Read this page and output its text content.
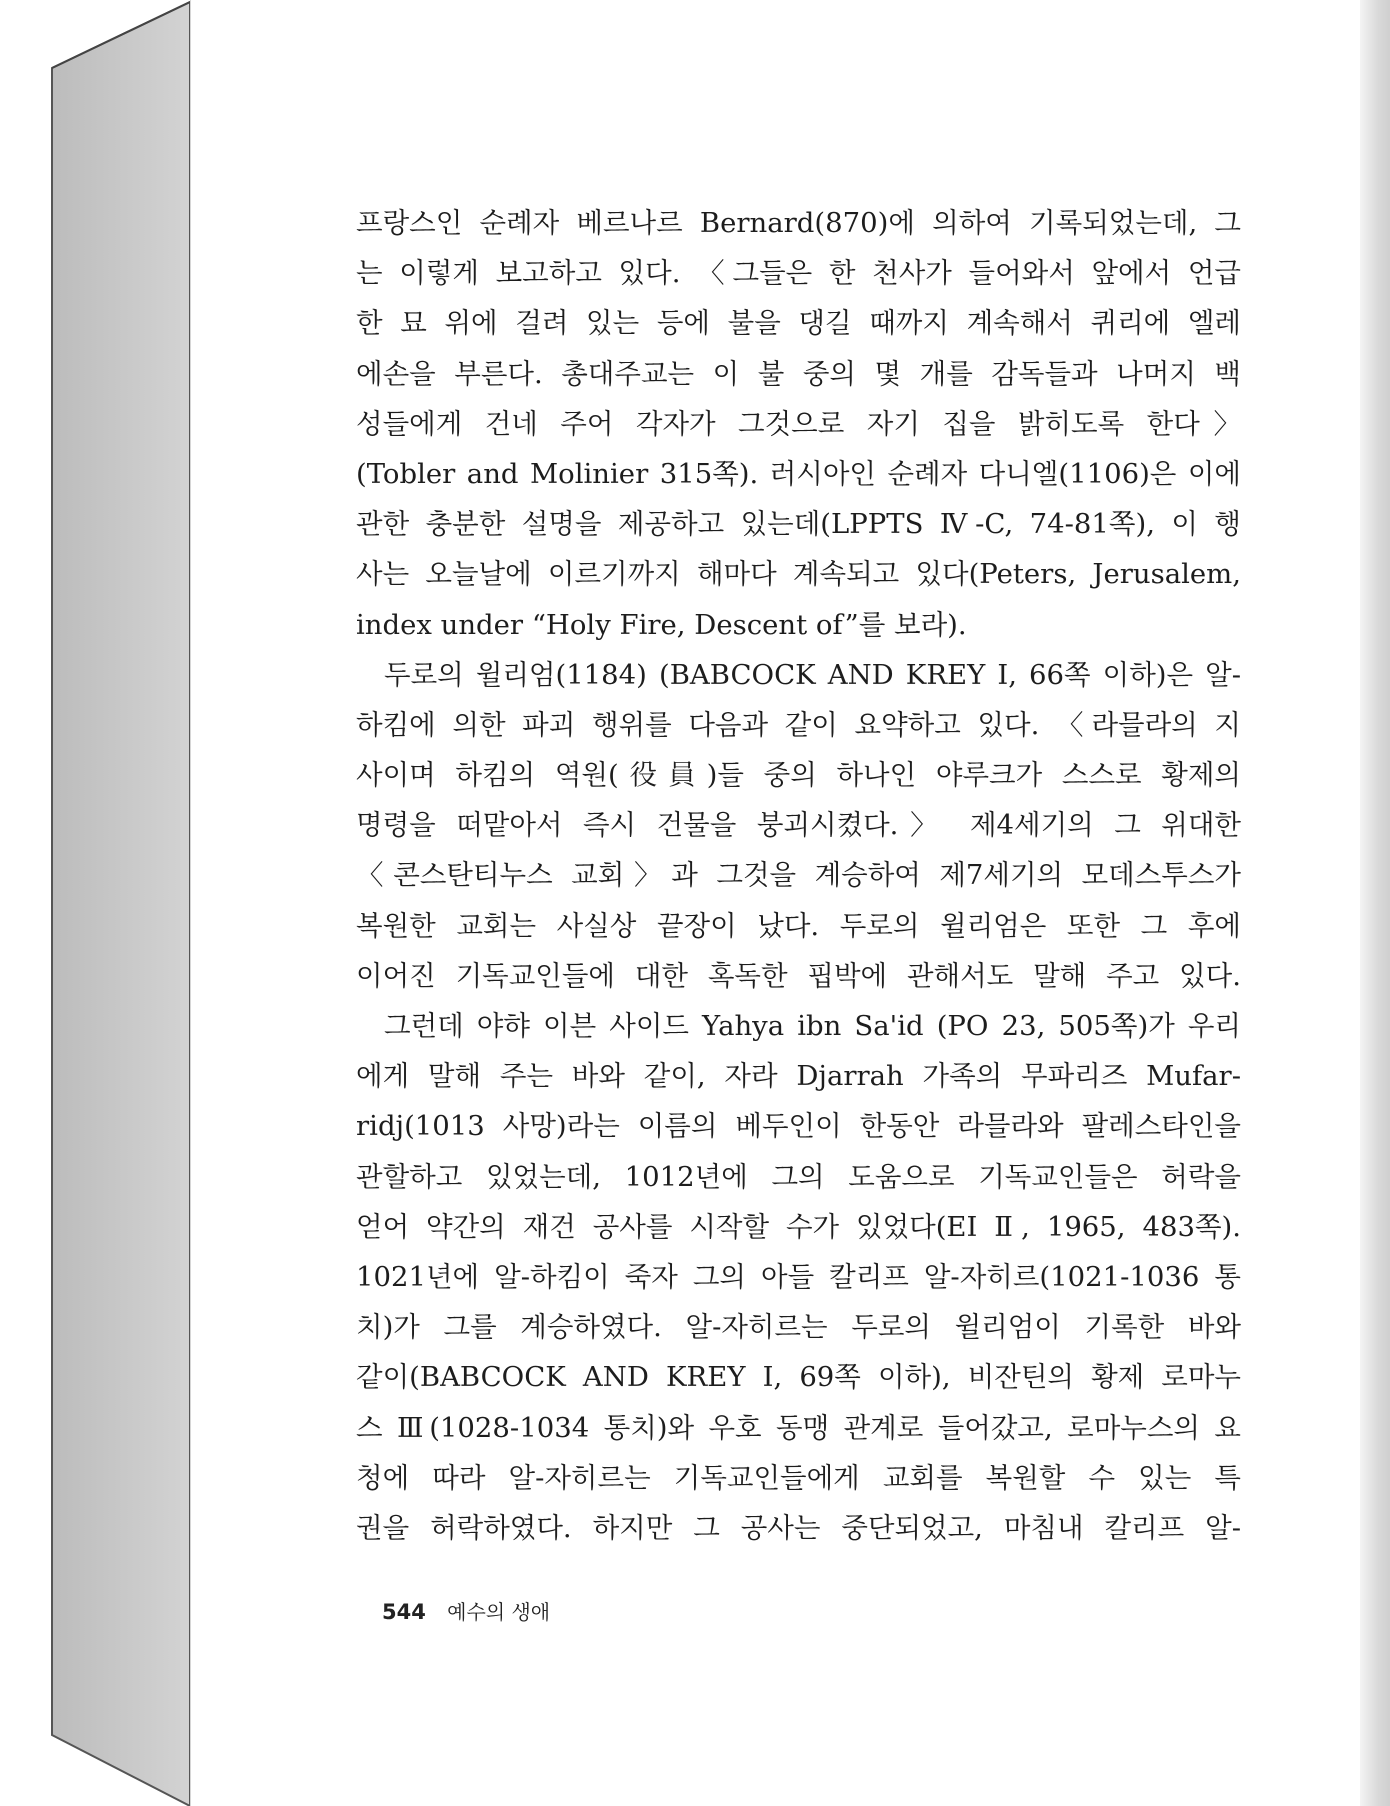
프랑스인 순례자 베르나르 Bernard(870)에 의하여 기록되었는데, 그
는 이렇게 보고하고 있다. 〈그들은 한 천사가 들어와서 앞에서 언급
한 묘 위에 걸려 있는 등에 불을 댕길 때까지 계속해서 퀴리에 엘레
에손을 부른다. 총대주교는 이 불 중의 몇 개를 감독들과 나머지 백
성들에게 건네 주어 각자가 그것으로 자기 집을 밝히도록 한다〉
(Tobler and Molinier 315쪽). 러시아인 순례자 다니엘(1106)은 이에
관한 충분한 설명을 제공하고 있는데(LPPTS Ⅳ-C, 74-81쪽), 이 행
사는 오늘날에 이르기까지 해마다 계속되고 있다(Peters, Jerusalem,
index under “Holy Fire, Descent of”를 보라).
두로의 윌리엄(1184) (BABCOCK AND KREY I, 66쪽 이하)은 알-
하킴에 의한 파괴 행위를 다음과 같이 요약하고 있다. 〈라믈라의 지
사이며 하킴의 역원(役員)들 중의 하나인 야루크가 스스로 황제의
명령을 떠맡아서 즉시 건물을 붕괴시켰다.〉 제4세기의 그 위대한
〈콘스탄티누스 교회〉과 그것을 계승하여 제7세기의 모데스투스가
복원한 교회는 사실상 끝장이 났다. 두로의 윌리엄은 또한 그 후에
이어진 기독교인들에 대한 혹독한 핍박에 관해서도 말해 주고 있다.
그런데 야햐 이븐 사이드 Yahya ibn Sa'id (PO 23, 505쪽)가 우리
에게 말해 주는 바와 같이, 자라 Djarrah 가족의 무파리즈 Mufar-
ridj(1013 사망)라는 이름의 베두인이 한동안 라믈라와 팔레스타인을
관할하고 있었는데, 1012년에 그의 도움으로 기독교인들은 허락을
얻어 약간의 재건 공사를 시작할 수가 있었다(EI Ⅱ, 1965, 483쪽).
1021년에 알-하킴이 죽자 그의 아들 칼리프 알-자히르(1021-1036 통
치)가 그를 계승하였다. 알-자히르는 두로의 윌리엄이 기록한 바와
같이(BABCOCK AND KREY I, 69쪽 이하), 비잔틴의 황제 로마누
스 Ⅲ(1028-1034 통치)와 우호 동맹 관계로 들어갔고, 로마누스의 요
청에 따라 알-자히르는 기독교인들에게 교회를 복원할 수 있는 특
권을 허락하였다. 하지만 그 공사는 중단되었고, 마침내 칼리프 알-
544 예수의 생애
